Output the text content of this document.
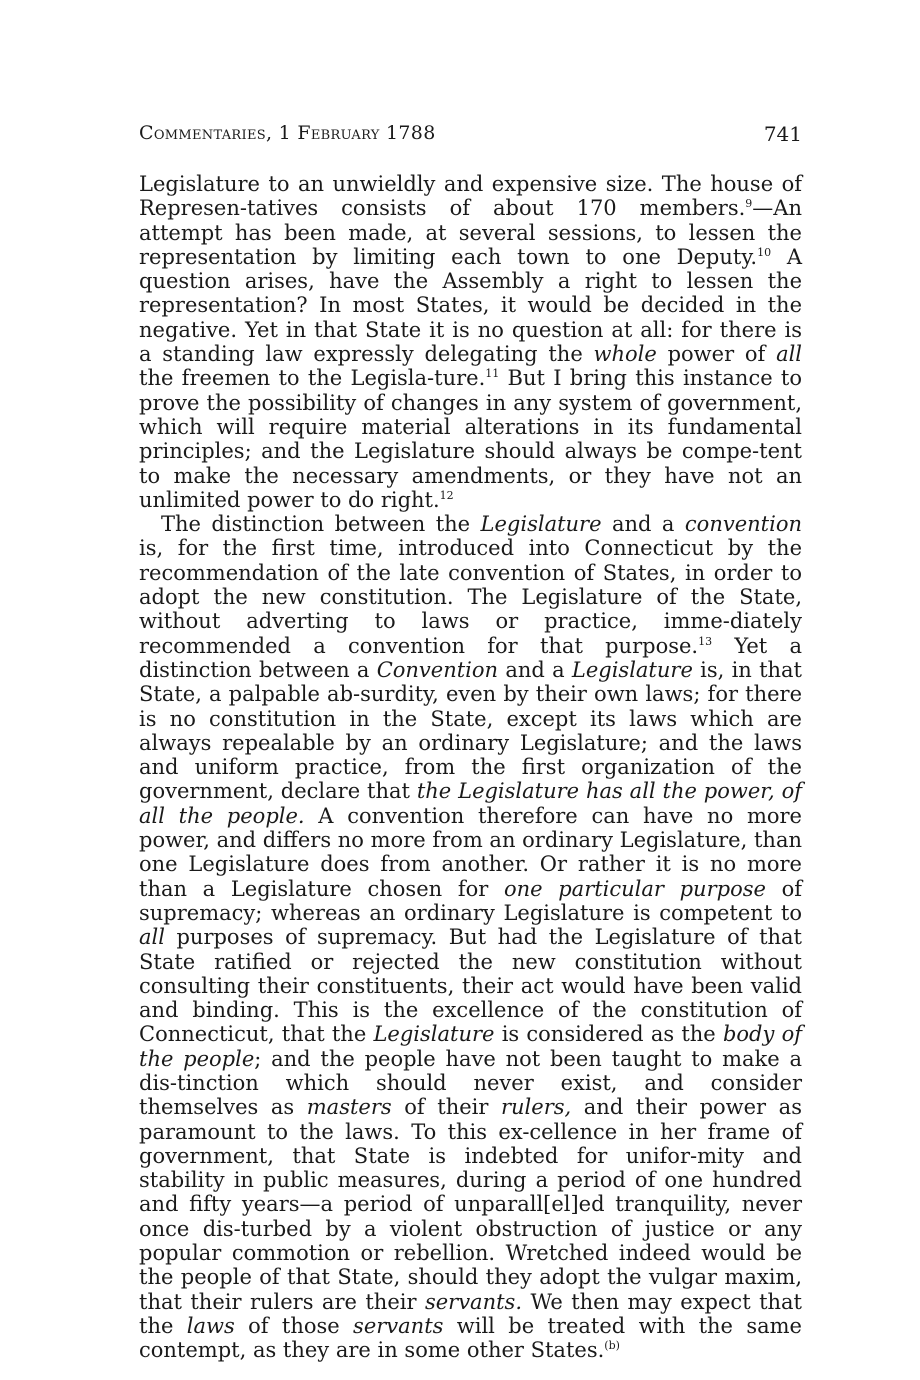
Commentaries, 1 February 1788	741

Legislature to an unwieldly and expensive size. The house of Represen-tatives consists of about 170 members.$^9$—An attempt has been made, at several sessions, to lessen the representation by limiting each town to one Deputy.$^{10}$ A question arises, have the Assembly a right to lessen the representation? In most States, it would be decided in the negative. Yet in that State it is no question at all: for there is a standing law expressly delegating the whole power of all the freemen to the Legisla-ture.$^{11}$ But I bring this instance to prove the possibility of changes in any system of government, which will require material alterations in its fundamental principles; and the Legislature should always be compe-tent to make the necessary amendments, or they have not an unlimited power to do right.$^{12}$

The distinction between the Legislature and a convention is, for the first time, introduced into Connecticut by the recommendation of the late convention of States, in order to adopt the new constitution. The Legislature of the State, without adverting to laws or practice, imme-diately recommended a convention for that purpose.$^{13}$ Yet a distinction between a Convention and a Legislature is, in that State, a palpable ab-surdity, even by their own laws; for there is no constitution in the State, except its laws which are always repealable by an ordinary Legislature; and the laws and uniform practice, from the first organization of the government, declare that the Legislature has all the power, of all the people. A convention therefore can have no more power, and differs no more from an ordinary Legislature, than one Legislature does from another. Or rather it is no more than a Legislature chosen for one particular purpose of supremacy; whereas an ordinary Legislature is competent to all purposes of supremacy. But had the Legislature of that State ratified or rejected the new constitution without consulting their constituents, their act would have been valid and binding. This is the excellence of the constitution of Connecticut, that the Legislature is considered as the body of the people; and the people have not been taught to make a dis-tinction which should never exist, and consider themselves as masters of their rulers, and their power as paramount to the laws. To this ex-cellence in her frame of government, that State is indebted for unifor-mity and stability in public measures, during a period of one hundred and fifty years—a period of unparall[el]ed tranquility, never once dis-turbed by a violent obstruction of justice or any popular commotion or rebellion. Wretched indeed would be the people of that State, should they adopt the vulgar maxim, that their rulers are their servants. We then may expect that the laws of those servants will be treated with the same contempt, as they are in some other States.$^{(b)}$
